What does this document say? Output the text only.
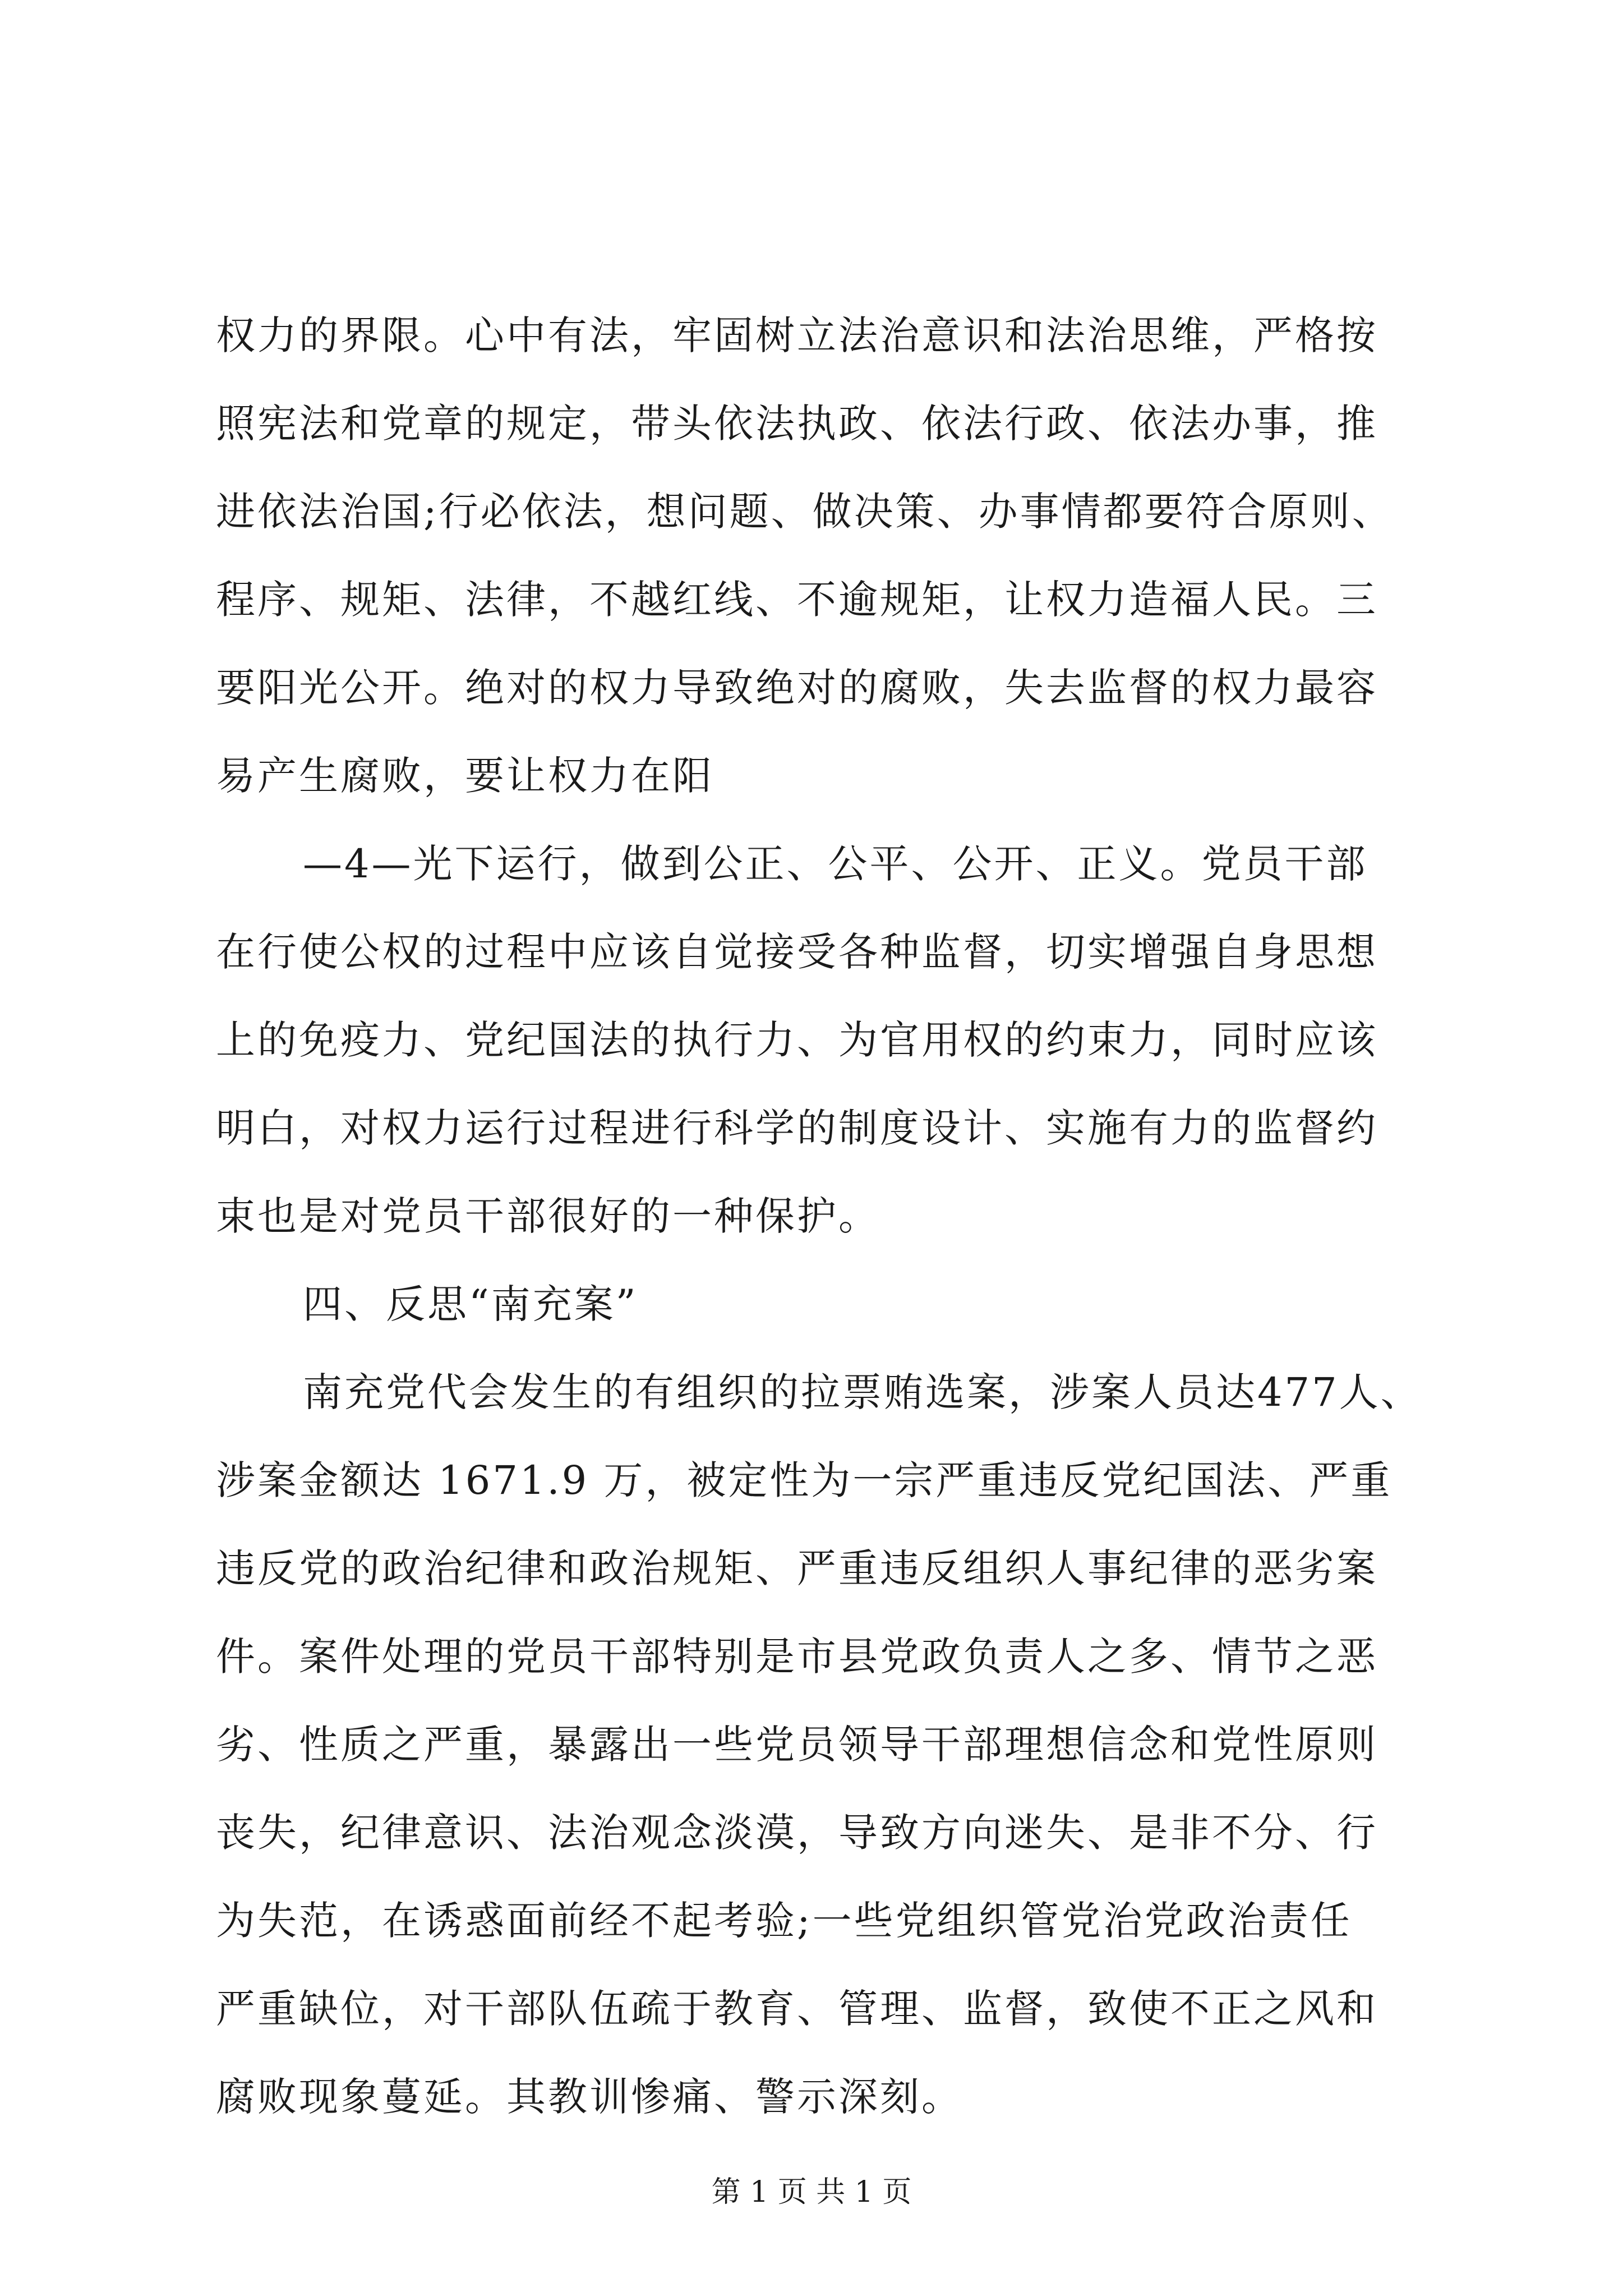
权力的界限。心中有法，牢固树立法治意识和法治思维，严格按
照宪法和党章的规定，带头依法执政、依法行政、依法办事，推
进依法治国;行必依法，想问题、做决策、办事情都要符合原则、
程序、规矩、法律，不越红线、不逾规矩，让权力造福人民。三
要阳光公开。绝对的权力导致绝对的腐败，失去监督的权力最容
易产生腐败，要让权力在阳
—4—光下运行，做到公正、公平、公开、正义。党员干部
在行使公权的过程中应该自觉接受各种监督，切实增强自身思想
上的免疫力、党纪国法的执行力、为官用权的约束力，同时应该
明白，对权力运行过程进行科学的制度设计、实施有力的监督约
束也是对党员干部很好的一种保护。
四、反思“南充案”
南充党代会发生的有组织的拉票贿选案，涉案人员达477人、
涉案金额达 1671.9 万，被定性为一宗严重违反党纪国法、严重
违反党的政治纪律和政治规矩、严重违反组织人事纪律的恶劣案
件。案件处理的党员干部特别是市县党政负责人之多、情节之恶
劣、性质之严重，暴露出一些党员领导干部理想信念和党性原则
丧失，纪律意识、法治观念淡漠，导致方向迷失、是非不分、行
为失范，在诱惑面前经不起考验;一些党组织管党治党政治责任
严重缺位，对干部队伍疏于教育、管理、监督，致使不正之风和
腐败现象蔓延。其教训惨痛、警示深刻。
第 1 页 共 1 页
